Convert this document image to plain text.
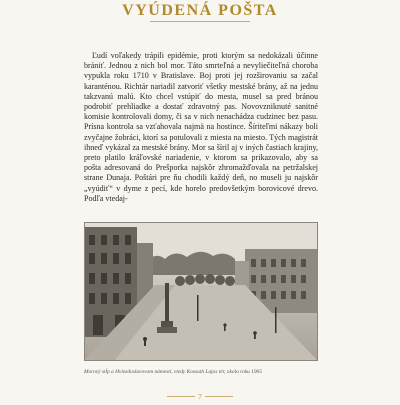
VYÚDENÁ POŠTA

Ľudí voľakedy trápili epidémie, proti ktorým sa nedokázali účinne brániť. Jednou z nich bol mor. Táto smrteľná a nevyliečiteľná choroba vypukla roku 1710 v Bratislave. Boj proti jej rozširovaniu sa začal karanténou. Richtár nariadil zatvoriť všetky mestské brány, až na jednu takzvanú malú. Kto chcel vstúpiť do mesta, musel sa pred bránou podrobiť prehliadke a dostať zdravotný pas. Novovzniknuté sanitné komisie kontrolovali domy, či sa v nich nenachádza cudzinec bez pasu. Prísna kontrola sa vzťahovala najmä na hostince. Šíriteľmi nákazy boli zvyčajne žobráci, ktorí sa potulovali z miesta na miesto. Tých magistrát ihneď vykázal za mestské brány. Mor sa šíril aj v iných častiach krajiny, preto platilo kráľovské nariadenie, v ktorom sa prikazovalo, aby sa pošta adresovaná do Prešporka najskôr zhromažďovala na petržalskej strane Dunaja. Poštári pre ňu chodili každý deň, no museli ju najskôr „vyúdiť“ v dyme z pecí, kde horelo predovšetkým borovicové drevo. Podľa vtedaj-

Morový stĺp a Hviezdoslavovom námestí, vtedy Kossuth Lajos tér, okolo roku 1905
7
